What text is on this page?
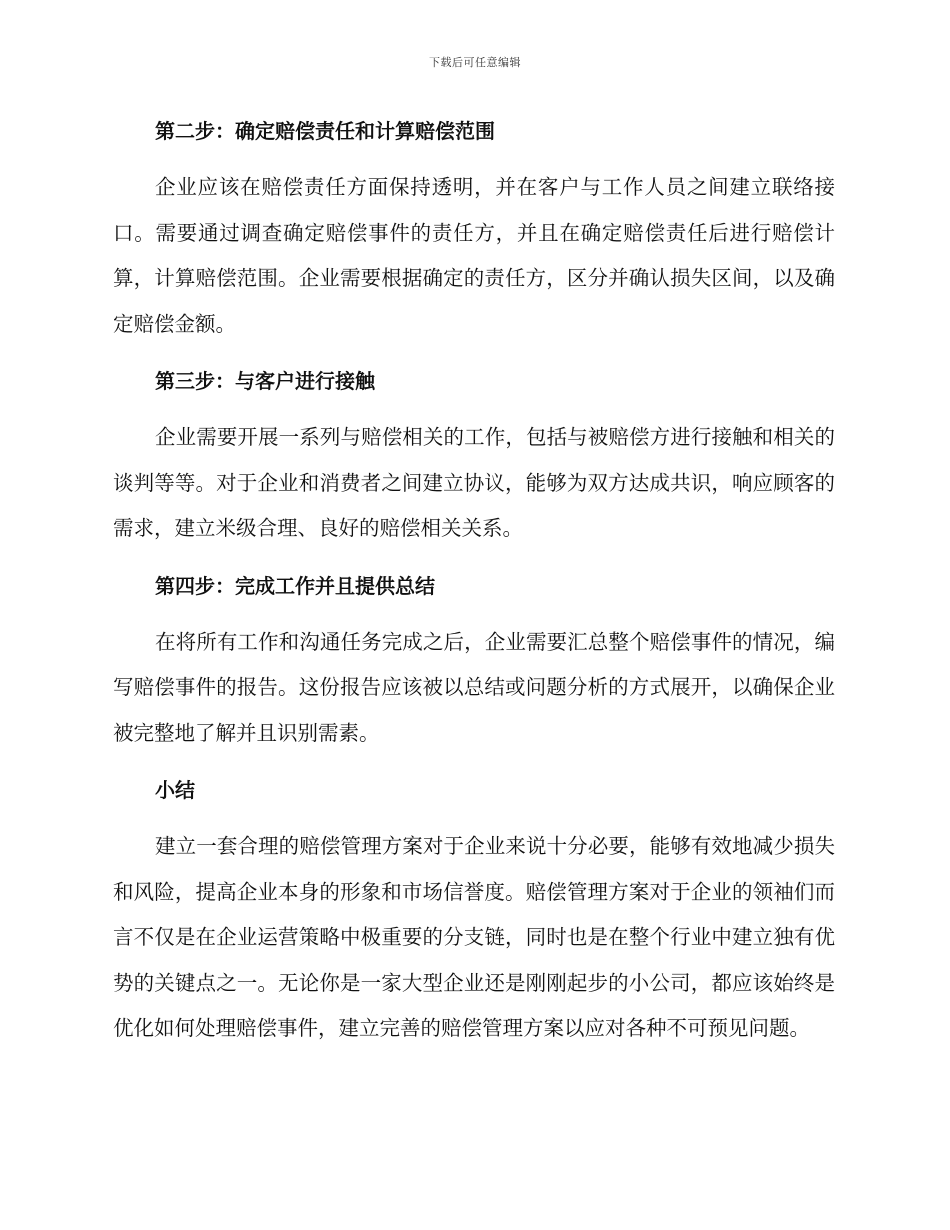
下载后可任意编辑
第二步：确定赔偿责任和计算赔偿范围

企业应该在赔偿责任方面保持透明，并在客户与工作人员之间建立联络接口。需要通过调查确定赔偿事件的责任方，并且在确定赔偿责任后进行赔偿计算，计算赔偿范围。企业需要根据确定的责任方，区分并确认损失区间，以及确定赔偿金额。

第三步：与客户进行接触

企业需要开展一系列与赔偿相关的工作，包括与被赔偿方进行接触和相关的谈判等等。对于企业和消费者之间建立协议，能够为双方达成共识，响应顾客的需求，建立米级合理、良好的赔偿相关关系。

第四步：完成工作并且提供总结

在将所有工作和沟通任务完成之后，企业需要汇总整个赔偿事件的情况，编写赔偿事件的报告。这份报告应该被以总结或问题分析的方式展开，以确保企业被完整地了解并且识别需素。

小结

建立一套合理的赔偿管理方案对于企业来说十分必要，能够有效地减少损失和风险，提高企业本身的形象和市场信誉度。赔偿管理方案对于企业的领袖们而言不仅是在企业运营策略中极重要的分支链，同时也是在整个行业中建立独有优势的关键点之一。无论你是一家大型企业还是刚刚起步的小公司，都应该始终是优化如何处理赔偿事件，建立完善的赔偿管理方案以应对各种不可预见问题。
